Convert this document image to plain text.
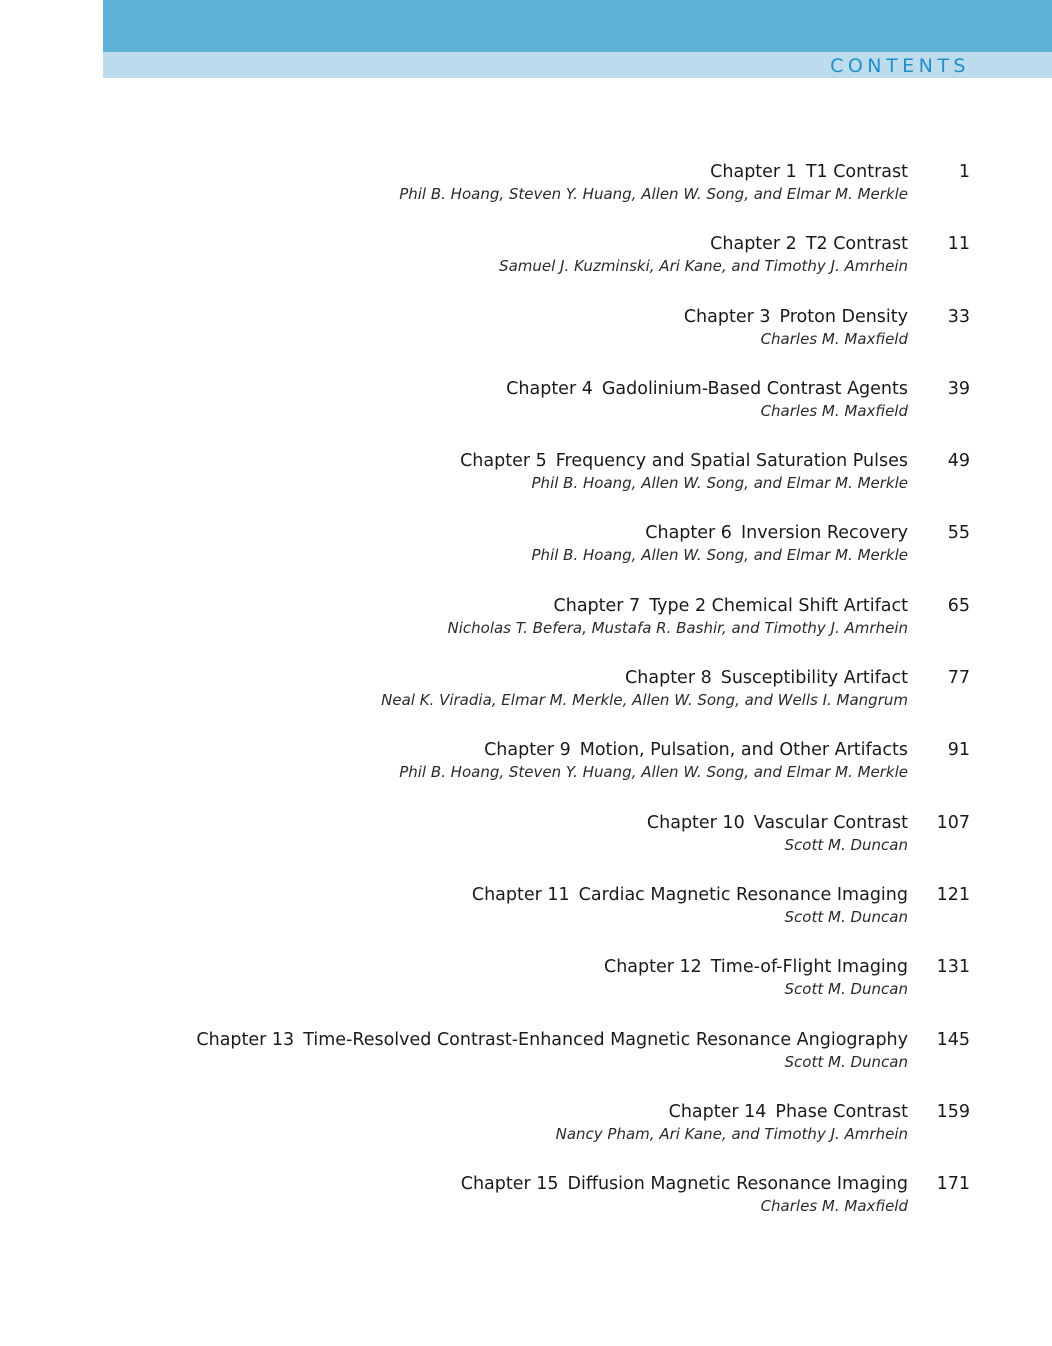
CONTENTS
Chapter 1 T1 Contrast	1
Phil B. Hoang, Steven Y. Huang, Allen W. Song, and Elmar M. Merkle
Chapter 2 T2 Contrast 11
Samuel J. Kuzminski, Ari Kane, and Timothy J. Amrhein
Chapter 3 Proton Density 33
Charles M. Maxfield
Chapter 4 Gadolinium-Based Contrast Agents 39
Charles M. Maxfield
Chapter 5 Frequency and Spatial Saturation Pulses 49
Phil B. Hoang, Allen W. Song, and Elmar M. Merkle
Chapter 6 Inversion Recovery 55
Phil B. Hoang, Allen W. Song, and Elmar M. Merkle
Chapter 7 Type 2 Chemical Shift Artifact 65
Nicholas T. Befera, Mustafa R. Bashir, and Timothy J. Amrhein
Chapter 8 Susceptibility Artifact 77
Neal K. Viradia, Elmar M. Merkle, Allen W. Song, and Wells I. Mangrum
Chapter 9 Motion, Pulsation, and Other Artifacts 91
Phil B. Hoang, Steven Y. Huang, Allen W. Song, and Elmar M. Merkle
Chapter 10 Vascular Contrast 107
Scott M. Duncan
Chapter 11 Cardiac Magnetic Resonance Imaging 121
Scott M. Duncan
Chapter 12 Time-of-Flight Imaging 131
Scott M. Duncan
Chapter 13 Time-Resolved Contrast-Enhanced Magnetic Resonance Angiography 145
Scott M. Duncan
Chapter 14 Phase Contrast 159
Nancy Pham, Ari Kane, and Timothy J. Amrhein
Chapter 15 Diffusion Magnetic Resonance Imaging 171
Charles M. Maxfield
